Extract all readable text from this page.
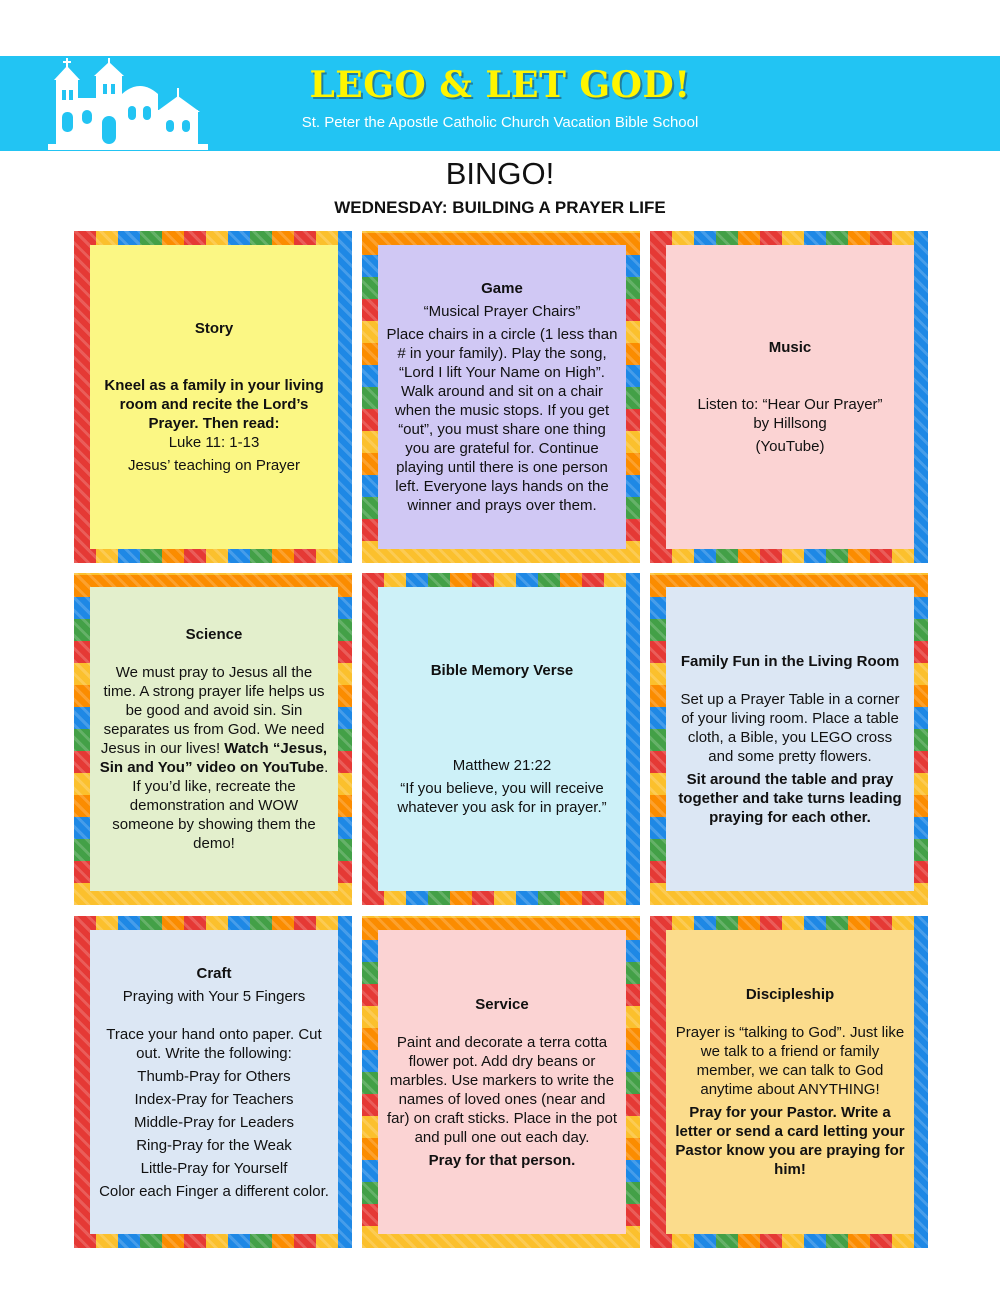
LEGO & LET GOD!
St. Peter the Apostle Catholic Church Vacation Bible School
BINGO!
WEDNESDAY: BUILDING A PRAYER LIFE

Story

Kneel as a family in your living room and recite the Lord’s Prayer. Then read:

Luke 11: 1-13

Jesus’ teaching on Prayer

Game

“Musical Prayer Chairs”

Place chairs in a circle (1 less than # in your family). Play the song, “Lord I lift Your Name on High”. Walk around and sit on a chair when the music stops. If you get “out”, you must share one thing you are grateful for. Continue playing until there is one person left. Everyone lays hands on the winner and prays over them.

Music

Listen to: “Hear Our Prayer”

by Hillsong

(YouTube)

Science

We must pray to Jesus all the time. A strong prayer life helps us be good and avoid sin. Sin separates us from God. We need Jesus in our lives! Watch “Jesus, Sin and You” video on YouTube. If you’d like, recreate the demonstration and WOW someone by showing them the demo!

Bible Memory Verse

Matthew 21:22

“If you believe, you will receive whatever you ask for in prayer.”

Family Fun in the Living Room

Set up a Prayer Table in a corner of your living room. Place a table cloth, a Bible, you LEGO cross and some pretty flowers.

Sit around the table and pray together and take turns leading praying for each other.

Craft

Praying with Your 5 Fingers

Trace your hand onto paper. Cut out. Write the following:

Thumb-Pray for Others

Index-Pray for Teachers

Middle-Pray for Leaders

Ring-Pray for the Weak

Little-Pray for Yourself

Color each Finger a different color.

Service

Paint and decorate a terra cotta flower pot. Add dry beans or marbles. Use markers to write the names of loved ones (near and far) on craft sticks. Place in the pot and pull one out each day.

Pray for that person.

Discipleship

Prayer is “talking to God”. Just like we talk to a friend or family member, we can talk to God anytime about ANYTHING!

Pray for your Pastor. Write a letter or send a card letting your Pastor know you are praying for him!
